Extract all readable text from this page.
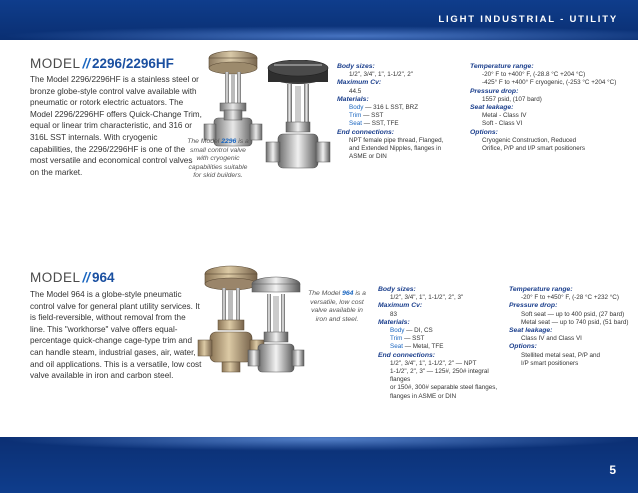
LIGHT INDUSTRIAL - UTILITY
MODEL // 2296/2296HF
The Model 2296/2296HF is a stainless steel or bronze globe-style control valve available with pneumatic or rotork electric actuators. The Model 2296/2296HF offers Quick-Change Trim, equal or linear trim characteristic, and 316 or 316L SST internals. With cryogenic capabilities, the 2296/2296HF is one of the most versatile and economical control valves on the market.
The Model 2296 is a small control valve with cryogenic capabilities suitable for skid builders.
Body sizes:
1/2", 3/4", 1", 1-1/2", 2"
Maximum Cv:
44.5
Materials:
Body — 316 L SST, BRZ
Trim — SST
Seat — SST, TFE
End connections:
NPT female pipe thread, Flanged,
and Extended Nipples, flanges in
ASME or DIN
Temperature range:
-20° F to +400° F, (-28.8 °C +204 °C)
-425° F to +400° F cryogenic, (-253 °C +204 °C)
Pressure drop:
1557 psid, (107 bard)
Seat leakage:
Metal - Class IV
Soft - Class VI
Options:
Cryogenic Construction, Reduced
Orifice, P/P and I/P smart positioners
MODEL // 964
The Model 964 is a globe-style pneumatic control valve for general plant utility services. It is field-reversible, without removal from the line. This "workhorse" valve offers equal-percentage quick-change cage-type trim and can handle steam, industrial gases, air, water, and oil applications. This is a versatile, low cost valve available in iron and carbon steel.
The Model 964 is a versatile, low cost valve available in iron and steel.
Body sizes:
1/2", 3/4", 1", 1-1/2", 2", 3"
Maximum Cv:
83
Materials:
Body — DI, CS
Trim — SST
Seat — Metal, TFE
End connections:
1/2", 3/4", 1", 1-1/2", 2" — NPT
1-1/2", 2", 3" — 125#, 250# integral flanges
or 150#, 300# separable steel flanges,
flanges in ASME or DIN
Temperature range:
-20° F to +450° F, (-28 °C +232 °C)
Pressure drop:
Soft seat — up to 400 psid, (27 bard)
Metal seat — up to 740 psid, (51 bard)
Seat leakage:
Class IV and Class VI
Options:
Stellited metal seat, P/P and
I/P smart positioners
5
